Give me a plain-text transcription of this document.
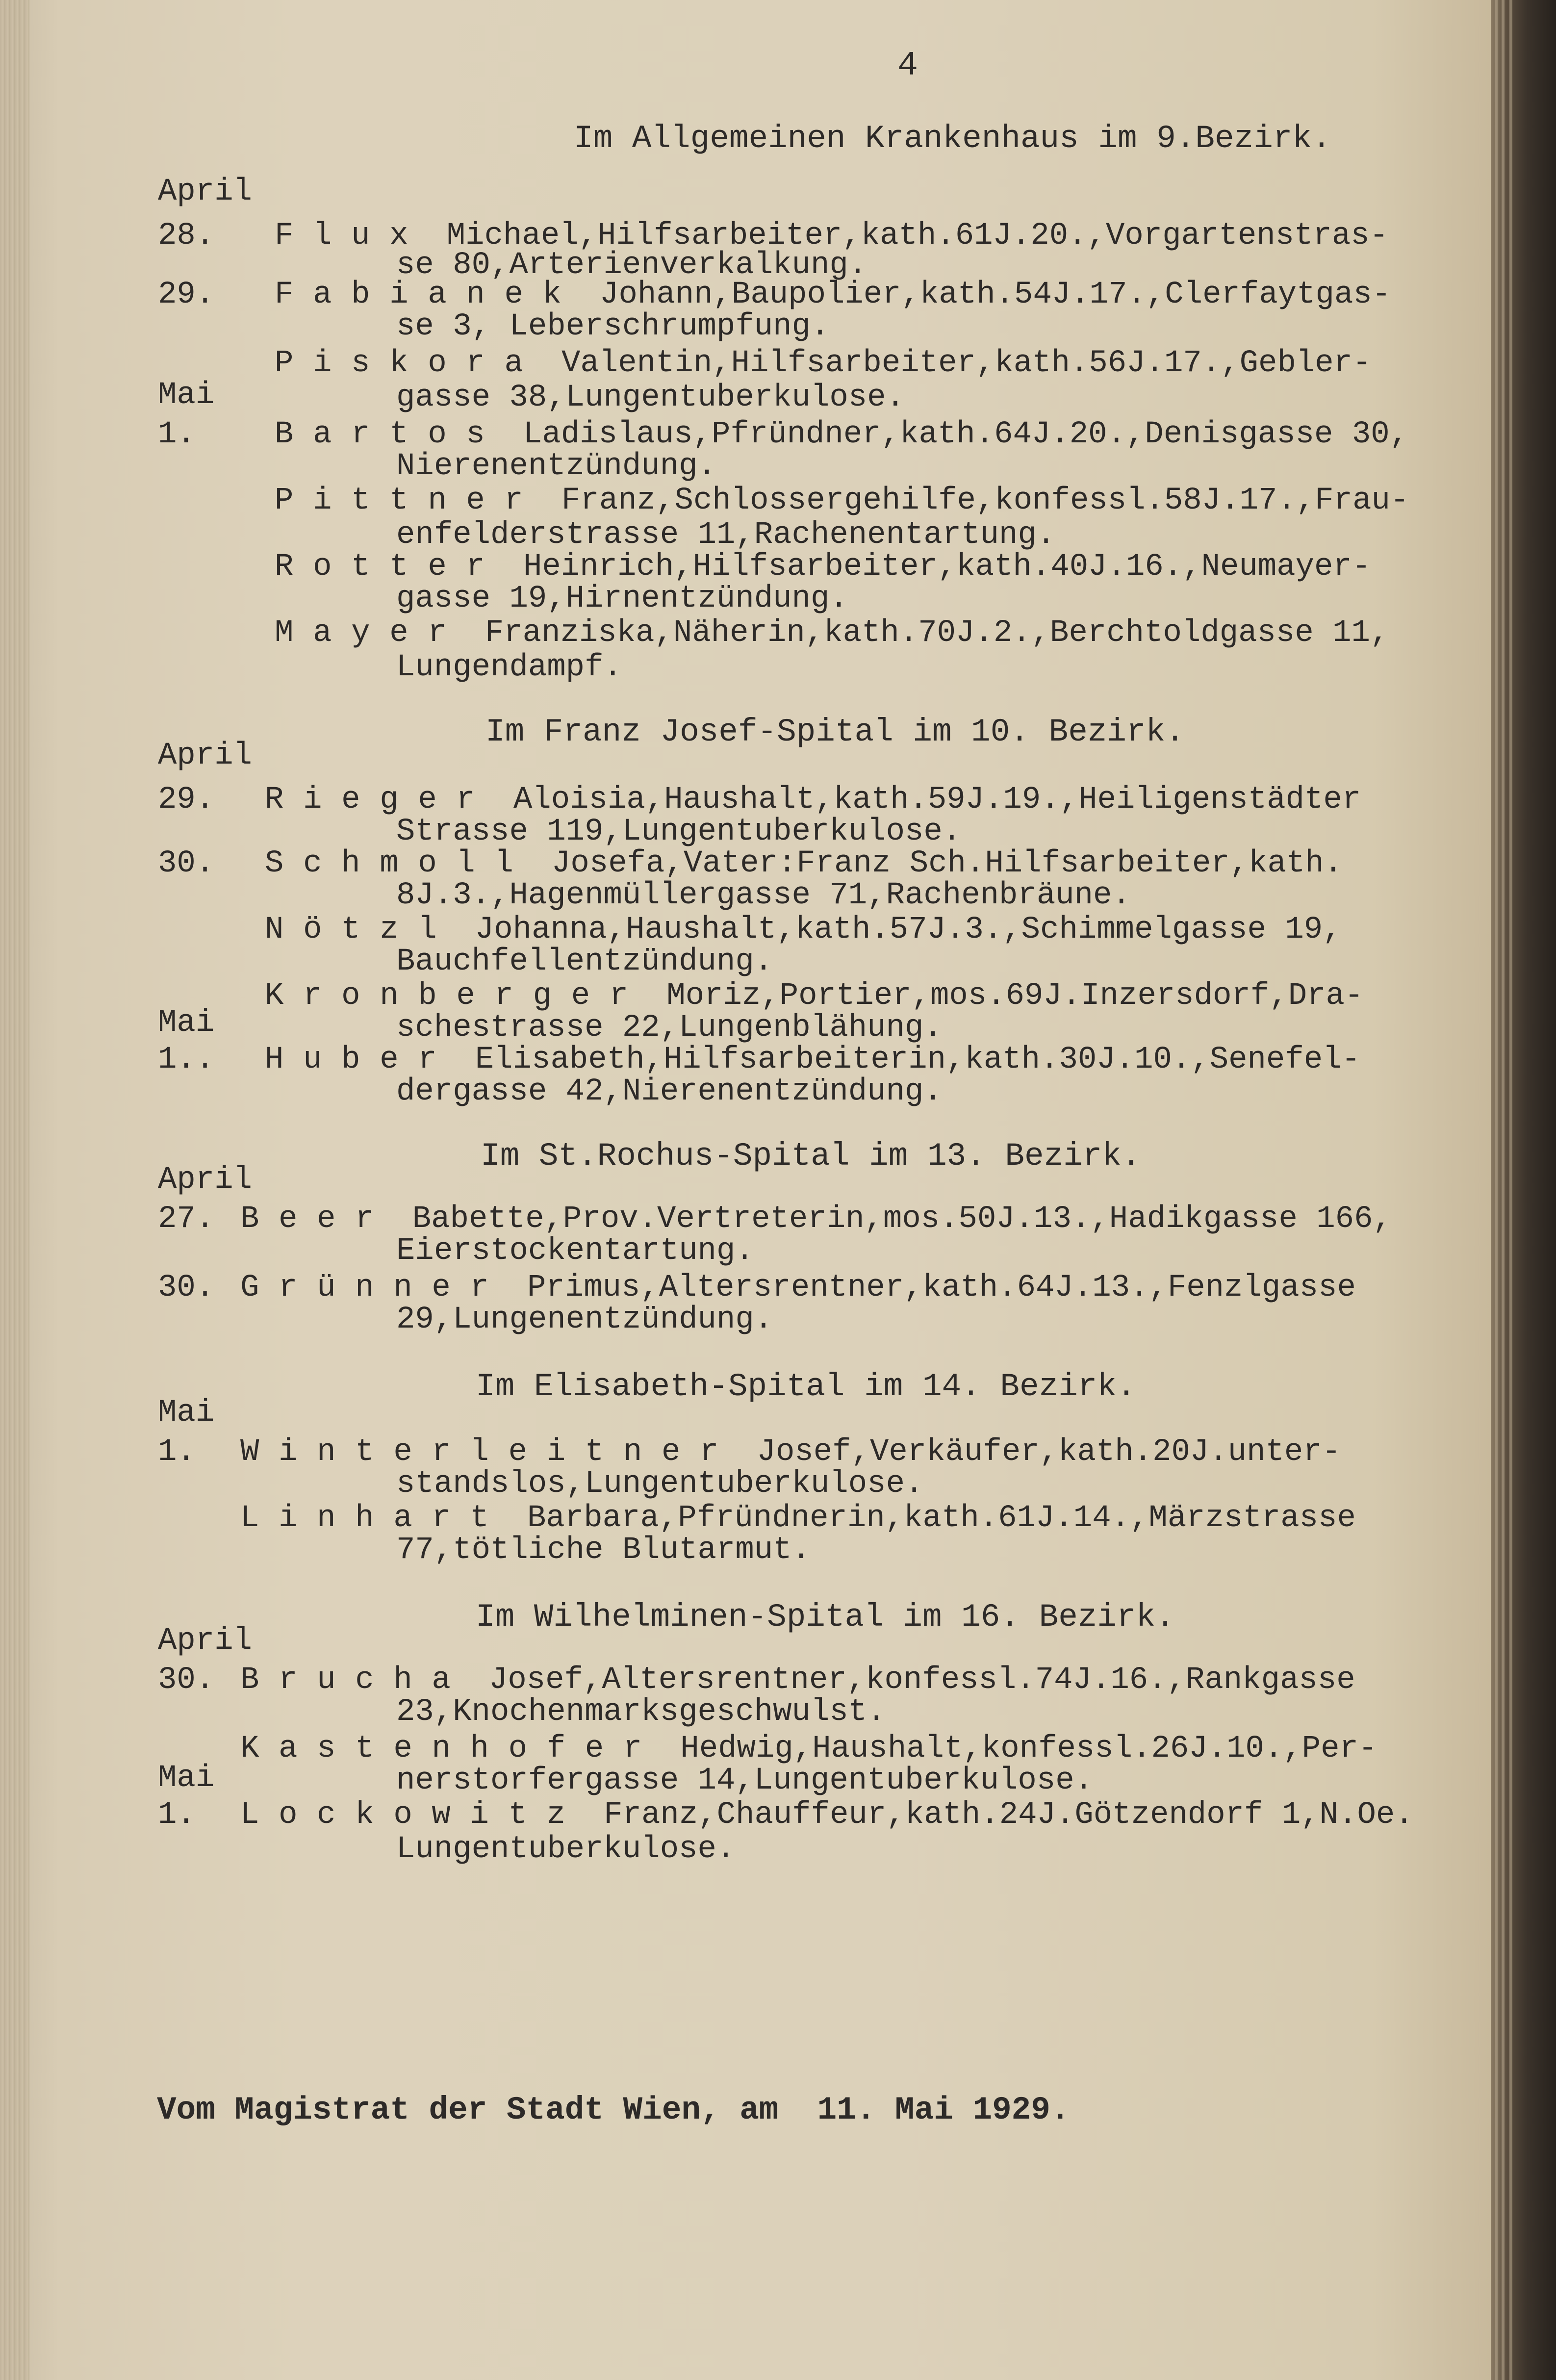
4
Im Allgemeinen Krankenhaus im 9.Bezirk.
April
28. Flux Michael,Hilfsarbeiter,kath.61J.20.,Vorgartenstras-
se 80,Arterienverkalkung.
29. Fabianek Johann,Baupolier,kath.54J.17.,Clerfaytgas-
se 3, Leberschrumpfung.
Piskora Valentin,Hilfsarbeiter,kath.56J.17.,Gebler-
gasse 38,Lungentuberkulose.
Mai
1.	Bartos Ladislaus,Pfründner,kath.64J.20.,Denisgasse 30,
Nierenentzündung.
Pittner Franz,Schlossergehilfe,konfessl.58J.17.,Frau-
enfelderstrasse 11,Rachenentartung.
Rotter Heinrich,Hilfsarbeiter,kath.40J.16.,Neumayer-
gasse 19,Hirnentzündung.
Mayer Franziska,Näherin,kath.70J.2.,Berchtoldgasse 11,
Lungendampf.
Im Franz Josef-Spital im 10. Bezirk.
April
29. Rieger Aloisia,Haushalt,kath.59J.19.,Heiligenstädter
Strasse 119,Lungentuberkulose.
30. Schmoll Josefa,Vater:Franz Sch.Hilfsarbeiter,kath.
8J.3.,Hagenmüllergasse 71,Rachenbräune.
Nötzl Johanna,Haushalt,kath.57J.3.,Schimmelgasse 19,
Bauchfellentzündung.
Kronberger Moriz,Portier,mos.69J.Inzersdorf,Dra-
schestrasse 22,Lungenblähung.
Mai
1.. Huber Elisabeth,Hilfsarbeiterin,kath.30J.10.,Senefel-
dergasse 42,Nierenentzündung.
Im St.Rochus-Spital im 13. Bezirk.
April
27. Beer Babette,Prov.Vertreterin,mos.50J.13.,Hadikgasse 166,
Eierstockentartung.
30. Grünner Primus,Altersrentner,kath.64J.13.,Fenzlgasse
29,Lungenentzündung.
Im Elisabeth-Spital im 14. Bezirk.
Mai
1. Winterleitner Josef,Verkäufer,kath.20J.unter-
standslos,Lungentuberkulose.
Linhart Barbara,Pfründnerin,kath.61J.14.,Märzstrasse
77,tötliche Blutarmut.
Im Wilhelminen-Spital im 16. Bezirk.
April
30. Brucha Josef,Altersrentner,konfessl.74J.16.,Rankgasse
23,Knochenmarksgeschwulst.
Kastenhofer Hedwig,Haushalt,konfessl.26J.10.,Per-
nerstorfergasse 14,Lungentuberkulose.
Mai
1. Lockowitz Franz,Chauffeur,kath.24J.Götzendorf 1,N.Oe.
Lungentuberkulose.
Vom Magistrat der Stadt Wien, am  11. Mai 1929.
